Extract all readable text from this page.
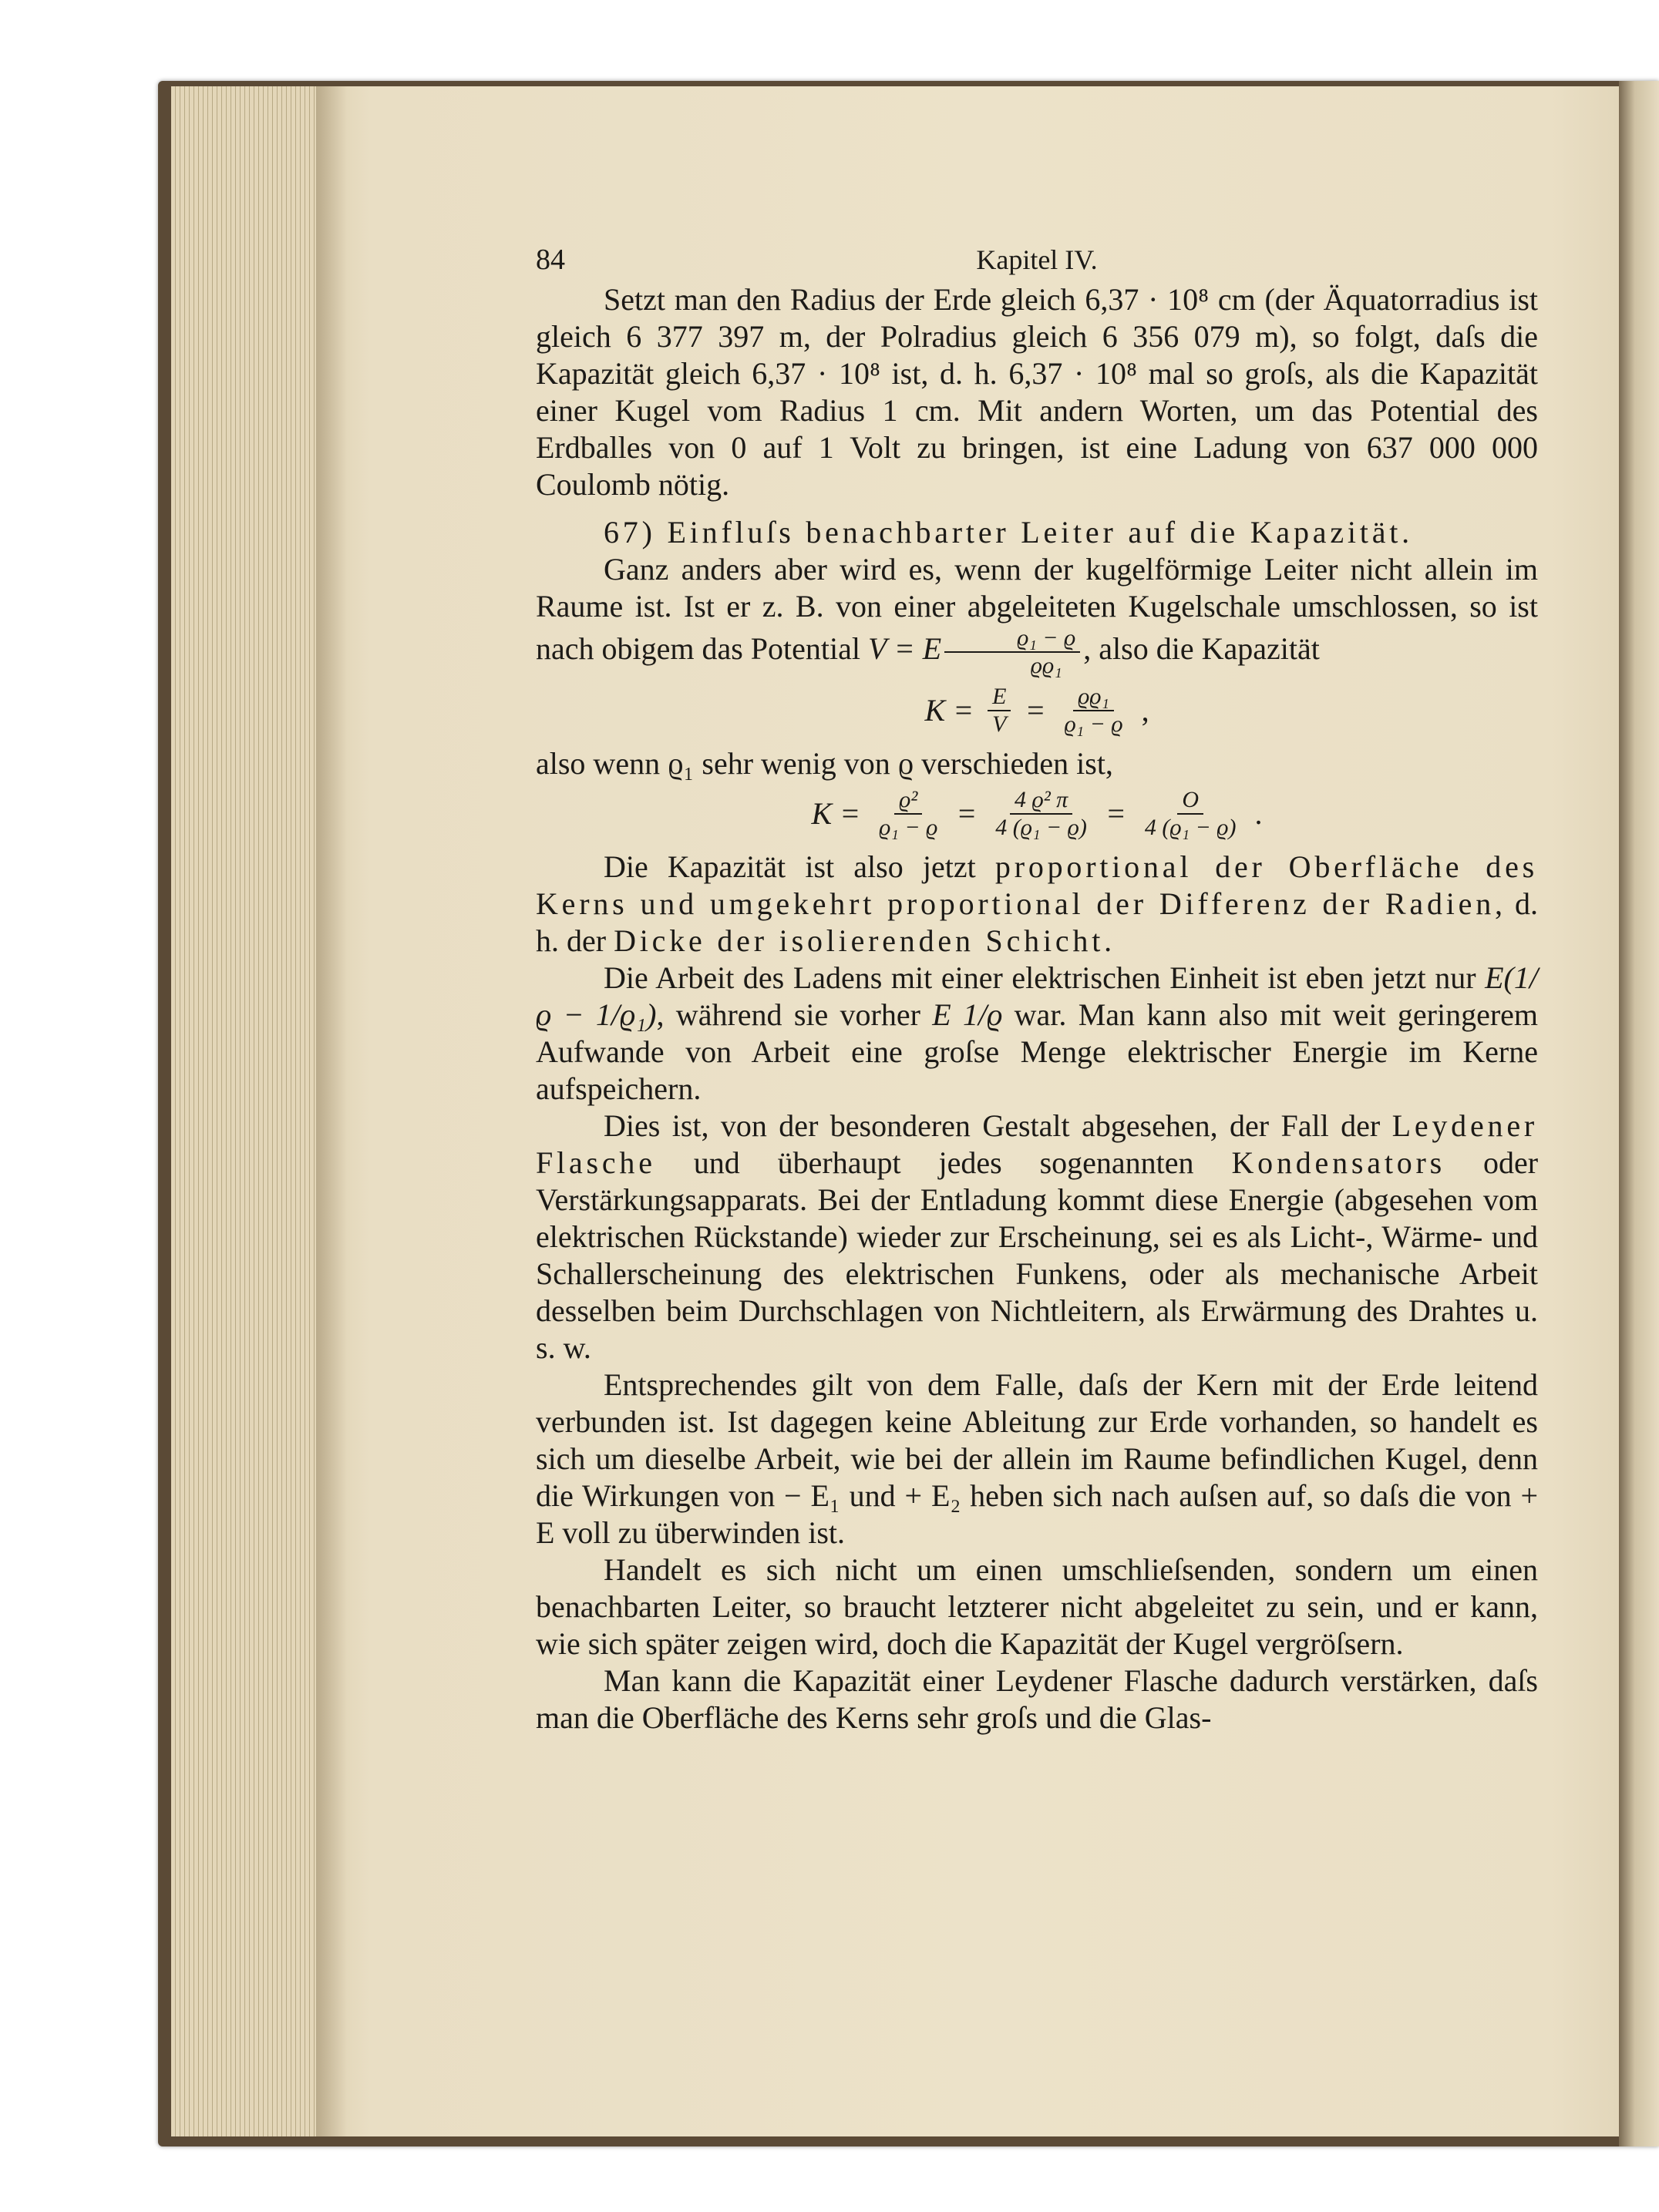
84	Kapitel IV.

Setzt man den Radius der Erde gleich 6,37 · 10⁸ cm (der Äquatorradius ist gleich 6 377 397 m, der Polradius gleich 6 356 079 m), so folgt, daſs die Kapazität gleich 6,37 · 10⁸ ist, d. h. 6,37 · 10⁸ mal so groſs, als die Kapazität einer Kugel vom Radius 1 cm. Mit andern Worten, um das Potential des Erdballes von 0 auf 1 Volt zu bringen, ist eine Ladung von 637 000 000 Coulomb nötig.

67) Einfluſs benachbarter Leiter auf die Kapazität.

Ganz anders aber wird es, wenn der kugelförmige Leiter nicht allein im Raume ist. Ist er z. B. von einer abgeleiteten Kugelschale umschlossen, so ist nach obigem das Potential V = E $\frac{\text{ϱ₁ − ϱ}}{\text{ϱϱ₁}}$ , also die Kapazität

$K = \frac{E}{V} = \frac{\text{ϱϱ₁}}{\text{ϱ₁ − ϱ}}$ ,

also wenn ϱ₁ sehr wenig von ϱ verschieden ist,

$K = \frac{\text{ϱ²}}{\text{ϱ₁ − ϱ}} = \frac{\text{4 ϱ² π}}{\text{4 (ϱ₁ − ϱ)}} = \frac{O}{\text{4 (ϱ₁ − ϱ)}}$ .

Die Kapazität ist also jetzt proportional der Oberfläche des Kerns und umgekehrt proportional der Differenz der Radien, d. h. der Dicke der isolierenden Schicht.

Die Arbeit des Ladens mit einer elektrischen Einheit ist eben jetzt nur E(1/ϱ − 1/ϱ₁), während sie vorher E 1/ϱ war. Man kann also mit weit geringerem Aufwande von Arbeit eine groſse Menge elektrischer Energie im Kerne aufspeichern.

Dies ist, von der besonderen Gestalt abgesehen, der Fall der Leydener Flasche und überhaupt jedes sogenannten Kondensators oder Verstärkungsapparats. Bei der Entladung kommt diese Energie (abgesehen vom elektrischen Rückstande) wieder zur Erscheinung, sei es als Licht-, Wärme- und Schallerscheinung des elektrischen Funkens, oder als mechanische Arbeit desselben beim Durchschlagen von Nichtleitern, als Erwärmung des Drahtes u. s. w.

Entsprechendes gilt von dem Falle, daſs der Kern mit der Erde leitend verbunden ist. Ist dagegen keine Ableitung zur Erde vorhanden, so handelt es sich um dieselbe Arbeit, wie bei der allein im Raume befindlichen Kugel, denn die Wirkungen von − E₁ und + E₂ heben sich nach auſsen auf, so daſs die von + E voll zu überwinden ist.

Handelt es sich nicht um einen umschlieſsenden, sondern um einen benachbarten Leiter, so braucht letzterer nicht abgeleitet zu sein, und er kann, wie sich später zeigen wird, doch die Kapazität der Kugel vergröſsern.

Man kann die Kapazität einer Leydener Flasche dadurch verstärken, daſs man die Oberfläche des Kerns sehr groſs und die Glas-
